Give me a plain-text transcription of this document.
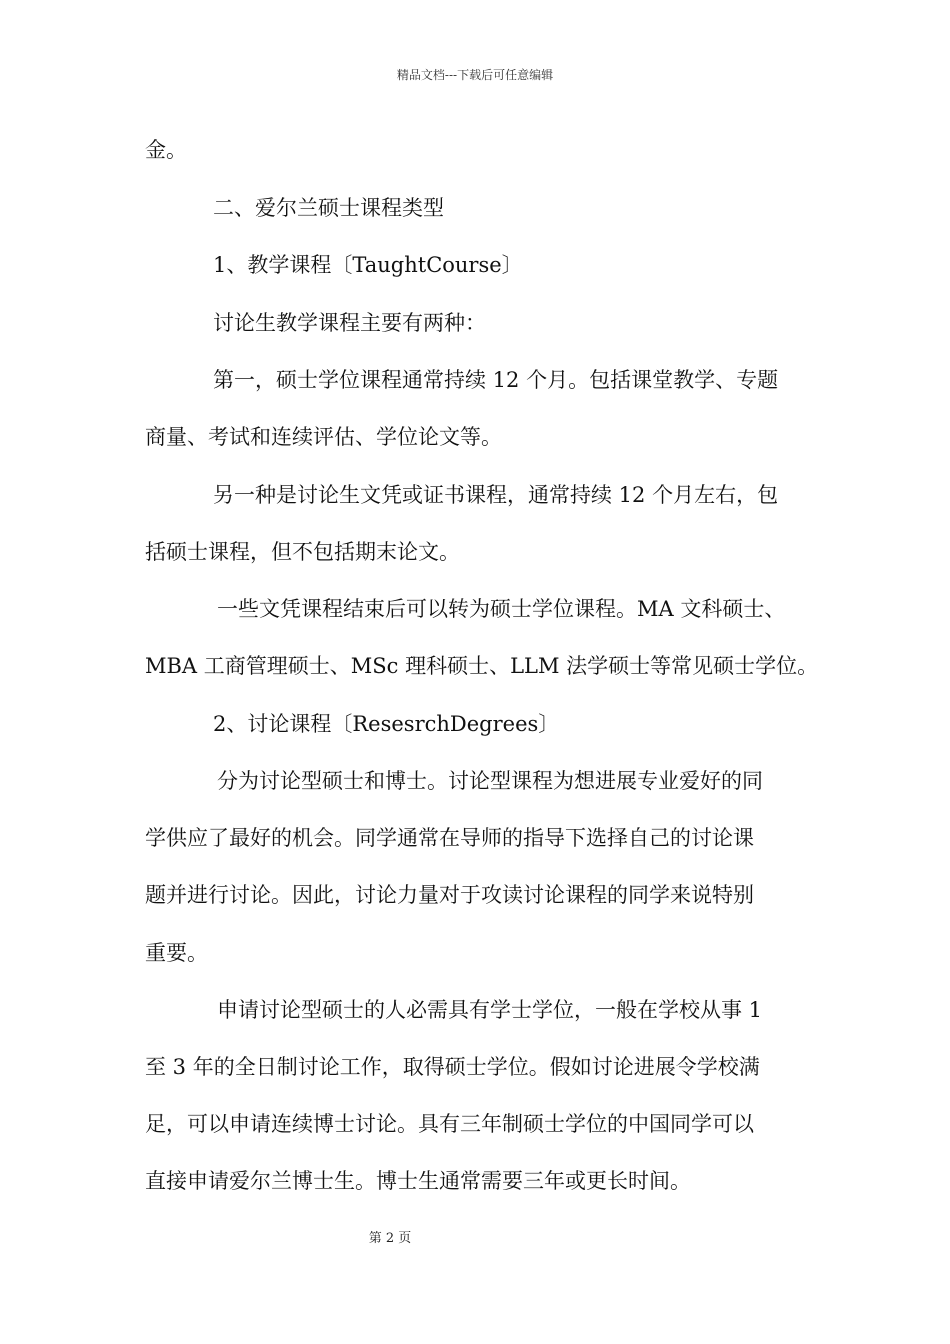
精品文档---下载后可任意编辑
金。
二、爱尔兰硕士课程类型
1、教学课程〔TaughtCourse〕
讨论生教学课程主要有两种：
第一，硕士学位课程通常持续 12 个月。包括课堂教学、专题
商量、考试和连续评估、学位论文等。
另一种是讨论生文凭或证书课程，通常持续 12 个月左右，包
括硕士课程，但不包括期末论文。
一些文凭课程结束后可以转为硕士学位课程。MA 文科硕士、
MBA 工商管理硕士、MSc 理科硕士、LLM 法学硕士等常见硕士学位。
2、讨论课程〔ResesrchDegrees〕
分为讨论型硕士和博士。讨论型课程为想进展专业爱好的同
学供应了最好的机会。同学通常在导师的指导下选择自己的讨论课
题并进行讨论。因此，讨论力量对于攻读讨论课程的同学来说特别
重要。
申请讨论型硕士的人必需具有学士学位，一般在学校从事 1
至 3 年的全日制讨论工作，取得硕士学位。假如讨论进展令学校满
足，可以申请连续博士讨论。具有三年制硕士学位的中国同学可以
直接申请爱尔兰博士生。博士生通常需要三年或更长时间。
第 2 页
